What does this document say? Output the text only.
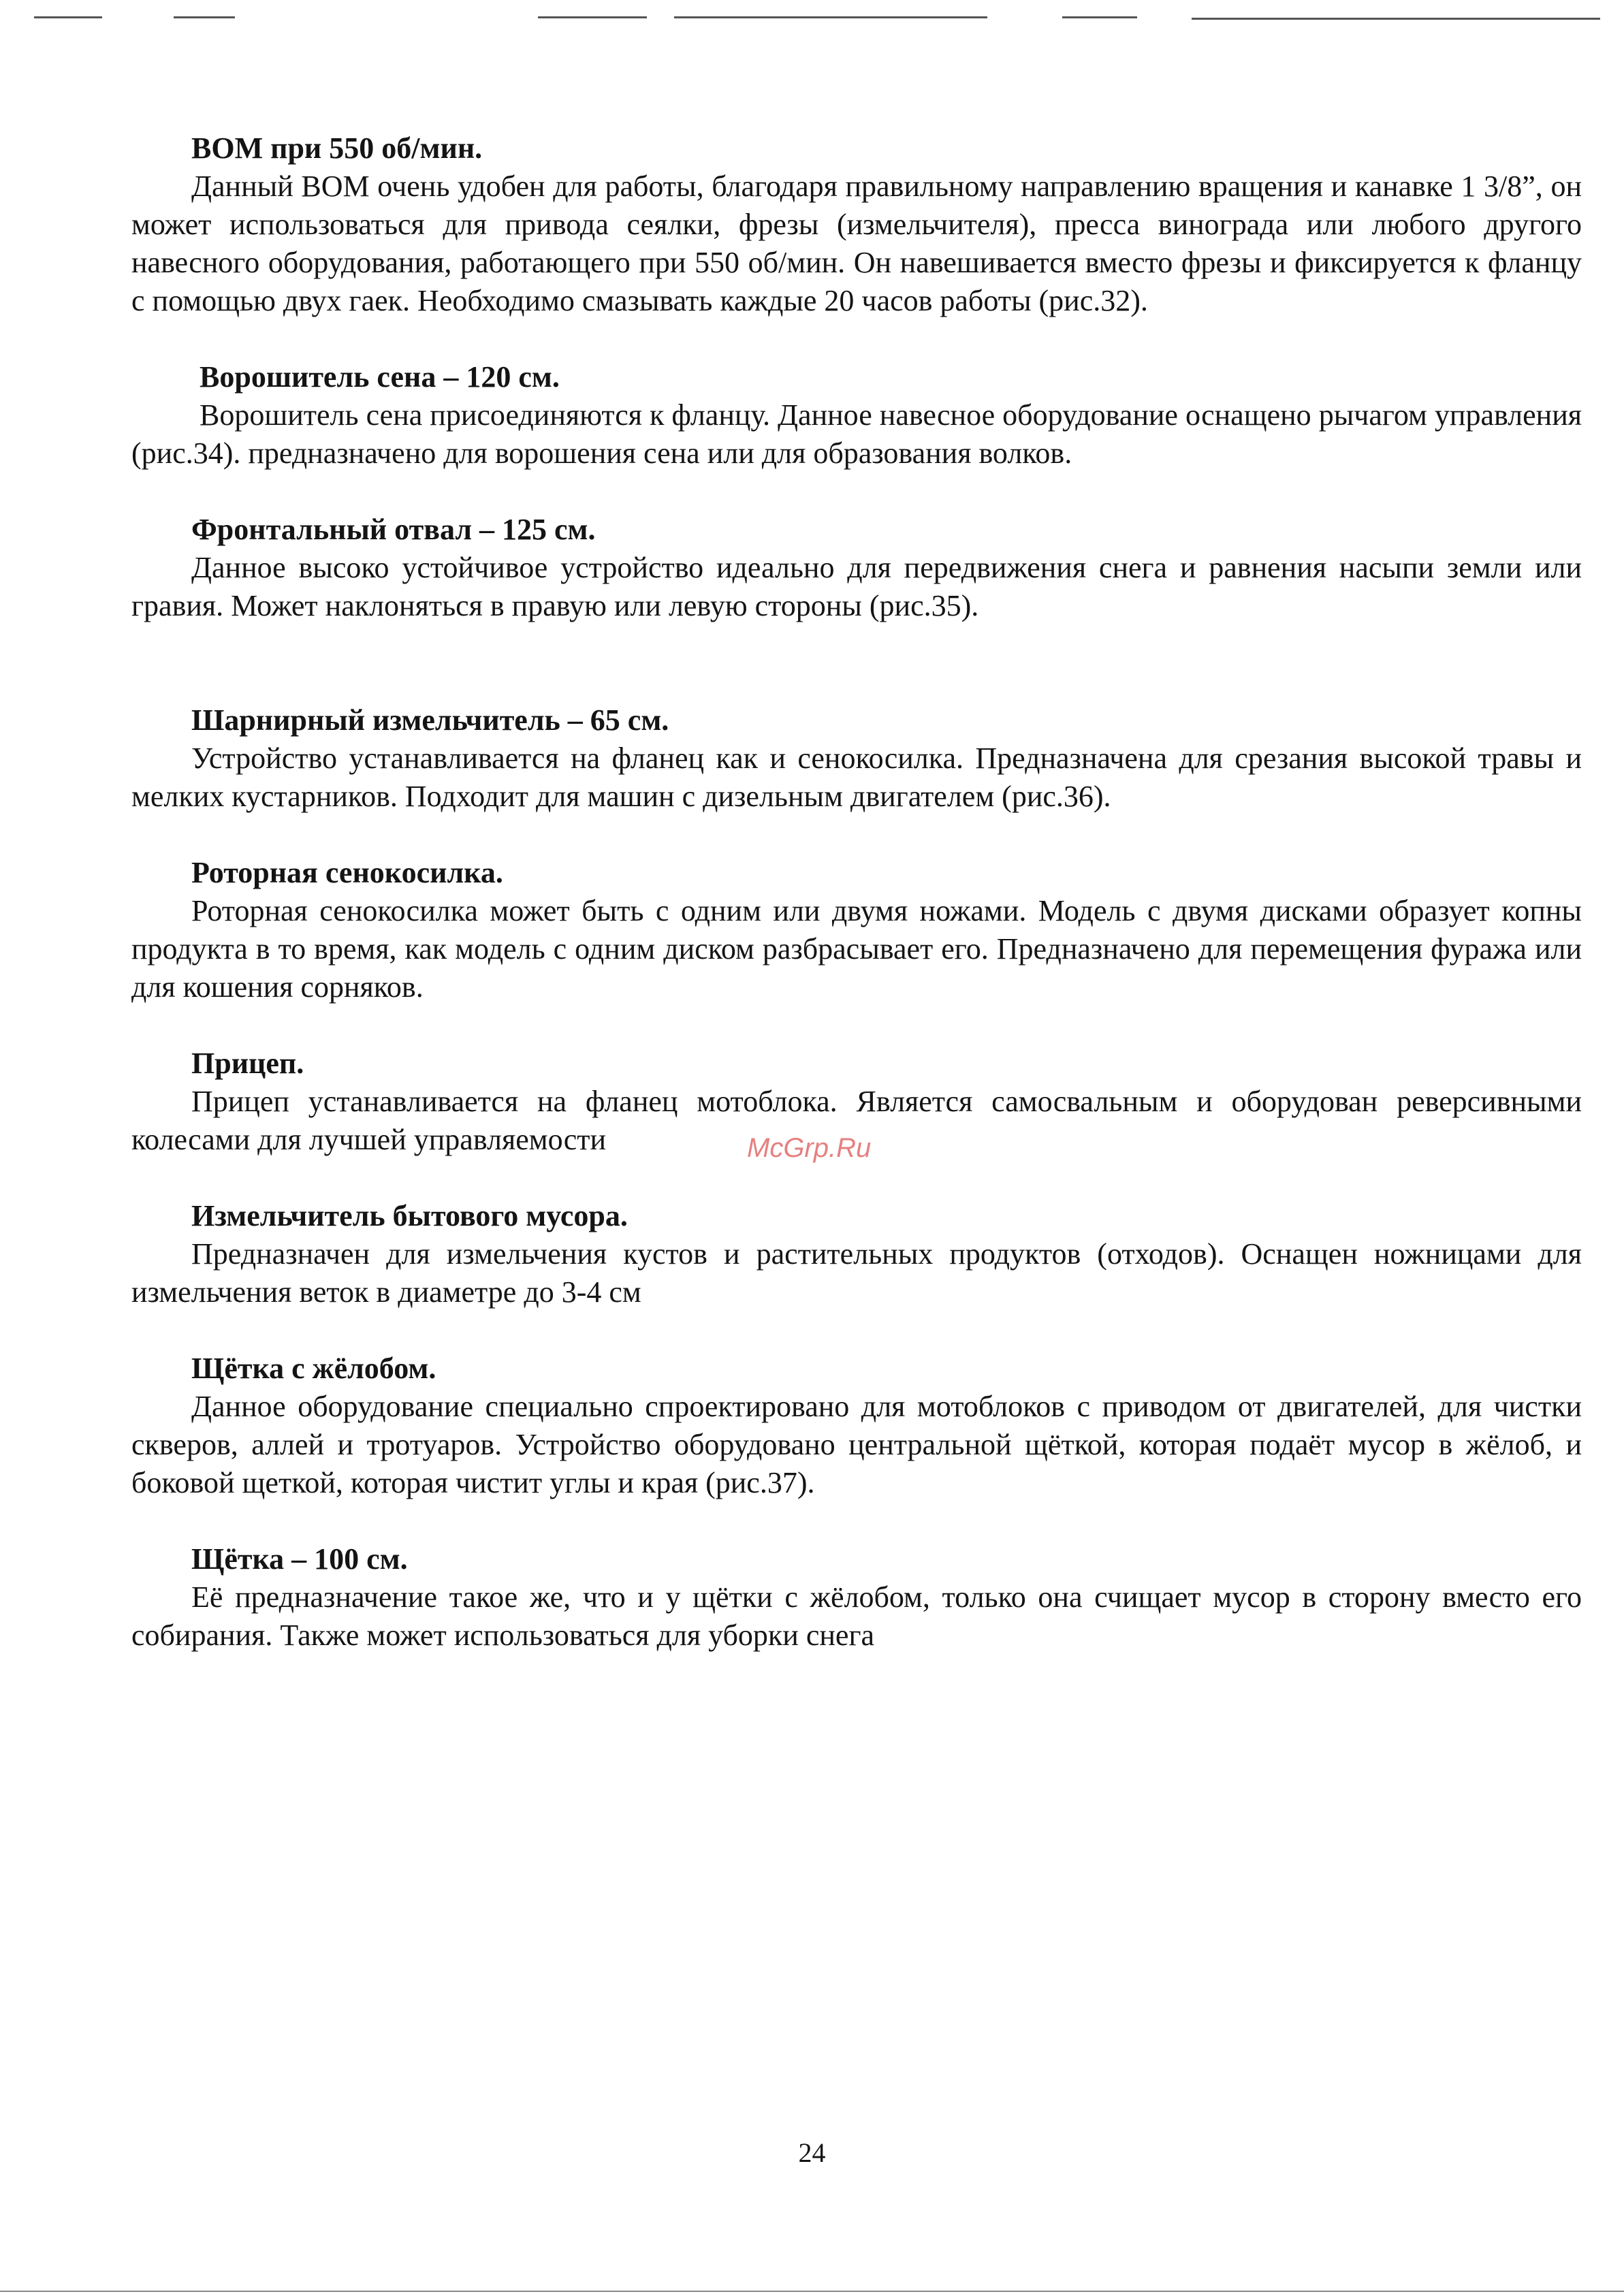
ВОМ при 550 об/мин.

Данный ВОМ очень удобен для работы, благодаря правильному направлению вращения и канавке 1 3/8”, он может использоваться для привода сеялки, фрезы (измельчителя), пресса винограда или любого другого навесного оборудования, работающего при 550 об/мин. Он навешивается вместо фрезы и фиксируется к фланцу с помощью двух гаек. Необходимо смазывать каждые 20 часов работы (рис.32).

Ворошитель сена – 120 см.

Ворошитель сена присоединяются к фланцу. Данное навесное оборудование оснащено рычагом управления (рис.34). предназначено для ворошения сена или для образования волков.

Фронтальный отвал – 125 см.

Данное высоко устойчивое устройство идеально для передвижения снега и равнения насыпи земли или гравия. Может наклоняться в правую или левую стороны (рис.35).

Шарнирный измельчитель – 65 см.

Устройство устанавливается на фланец как и сенокосилка. Предназначена для срезания высокой травы и мелких кустарников. Подходит для машин с дизельным двигателем (рис.36).

Роторная сенокосилка.

Роторная сенокосилка может быть с одним или двумя ножами. Модель с двумя дисками образует копны продукта в то время, как модель с одним диском разбрасывает его. Предназначено для перемещения фуража или для кошения сорняков.

Прицеп.

Прицеп устанавливается на фланец мотоблока. Является самосвальным и оборудован реверсивными колесами для лучшей управляемости

Измельчитель бытового мусора.

Предназначен для измельчения кустов и растительных продуктов (отходов). Оснащен ножницами для измельчения веток в диаметре до 3-4 см

Щётка с жёлобом.

Данное оборудование специально спроектировано для мотоблоков с приводом от двигателей, для чистки скверов, аллей и тротуаров. Устройство оборудовано центральной щёткой, которая подаёт мусор в жёлоб, и боковой щеткой, которая чистит углы и края (рис.37).

Щётка – 100 см.

Её предназначение такое же, что и у щётки с жёлобом, только она счищает мусор в сторону вместо его собирания. Также может использоваться для уборки снега

McGrp.Ru
24
